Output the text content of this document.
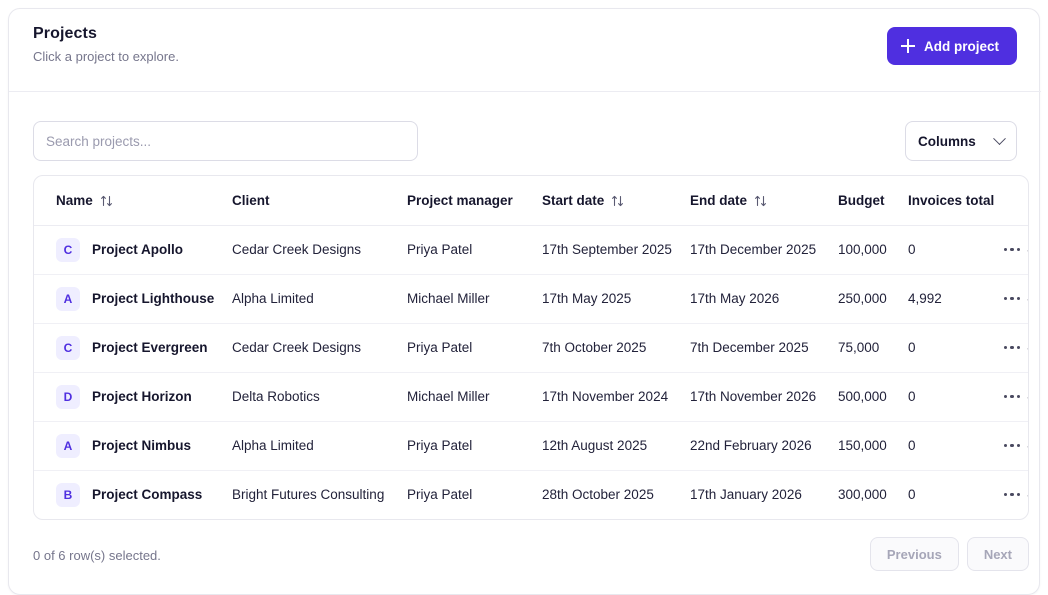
Projects

Click a project to explore.

Add project
Search projects...
Columns
Name	Client	Project manager	Start date	End date	Budget	Invoices total	

C Project Apollo	Cedar Creek Designs	Priya Patel	17th September 2025	17th December 2025	100,000	0	

A Project Lighthouse	Alpha Limited	Michael Miller	17th May 2025	17th May 2026	250,000	4,992	

C Project Evergreen	Cedar Creek Designs	Priya Patel	7th October 2025	7th December 2025	75,000	0	

D Project Horizon	Delta Robotics	Michael Miller	17th November 2024	17th November 2026	500,000	0	

A Project Nimbus	Alpha Limited	Priya Patel	12th August 2025	22nd February 2026	150,000	0	

B Project Compass	Bright Futures Consulting	Priya Patel	28th October 2025	17th January 2026	300,000	0	
0 of 6 row(s) selected.	Previous	Next
